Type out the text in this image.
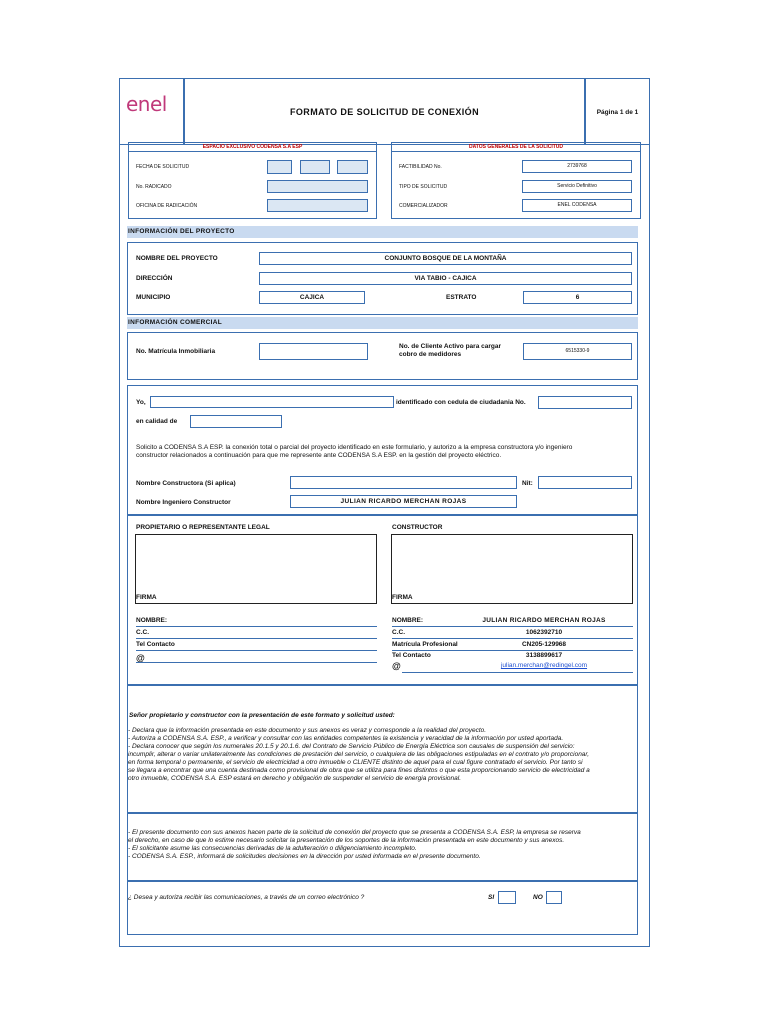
enel	FORMATO DE SOLICITUD DE CONEXIÓN	Página 1 de 1
ESPACIO EXCLUSIVO CODENSA S.A ESP
FECHA DE SOLICITUD
No. RADICADO
OFICINA DE RADICACIÓN
DATOS GENERALES DE LA SOLICITUD
FACTIBILIDAD No.	2739768
TIPO DE SOLICITUD	Servicio Definitivo
COMERCIALIZADOR	ENEL CODENSA
INFORMACIÓN DEL PROYECTO
NOMBRE DEL PROYECTO	CONJUNTO BOSQUE DE LA MONTAÑA
DIRECCIÓN	VIA TABIO - CAJICA
MUNICIPIO	CAJICA	ESTRATO	6
INFORMACIÓN COMERCIAL
No. Matrícula Inmobiliaria
No. de Cliente Activo para cargar
cobro de medidores	6515330-9
Yo,	identificado con cedula de ciudadania No.
en calidad de
Solicito a CODENSA S.A ESP. la conexión total o parcial del proyecto identificado en este formulario, y autorizo a la empresa constructora y/o ingeniero
constructor relacionados a continuación para que me represente ante CODENSA S.A ESP. en la gestión del proyecto eléctrico.
Nombre Constructora (Si aplica)	Nit:
Nombre Ingeniero Constructor	JULIAN RICARDO MERCHAN ROJAS
PROPIETARIO O REPRESENTANTE LEGAL
FIRMA
CONSTRUCTOR
FIRMA
NOMBRE:
C.C.
Tel Contacto
@
NOMBRE:	JULIAN RICARDO MERCHAN ROJAS
C.C.	1062392710
Matrícula Profesional	CN205-129968
Tel Contacto	3138899617
@	julian.merchan@redingel.com
Señor propietario y constructor con la presentación de este formato y solicitud usted:
- Declara que la información presentada en este documento y sus anexos es veraz y corresponde a la realidad del proyecto.
- Autoriza a CODENSA S.A. ESP., a verificar y consultar con las entidades competentes la existencia y veracidad de la información por usted aportada.
- Declara conocer que según los numerales 20.1.5 y 20.1.6. del Contrato de Servicio Público de Energía Eléctrica son causales de suspensión del servicio:
incumplir, alterar o variar unilateralmente las condiciones de prestación del servicio, o cualquiera de las obligaciones estipuladas en el contrato y/o proporcionar,
en forma temporal o permanente, el servicio de electricidad a otro inmueble o CLIENTE distinto de aquel para el cual figure contratado el servicio. Por tanto si
se llegara a encontrar que una cuenta destinada como provisional de obra que se utiliza para fines distintos o que esta proporcionando servicio de electricidad a
otro inmueble, CODENSA S.A. ESP estará en derecho y obligación de suspender el servicio de energia provisional.
- El presente documento con sus anexos hacen parte de la solicitud de conexión del proyecto que se presenta a CODENSA S.A. ESP, la empresa se reserva
el derecho, en caso de que lo estime necesario solicitar la presentación de los soportes de la información presentada en este documento y sus anexos.
- El solicitante asume las consecuencias derivadas de la adulteración o diligenciamiento incompleto.
- CODENSA S.A. ESP., informará de solicitudes decisiones en la dirección por usted informada en el presente documento.
¿ Desea y autoriza recibir las comunicaciones, a través de un correo electrónico ?	SI	NO
